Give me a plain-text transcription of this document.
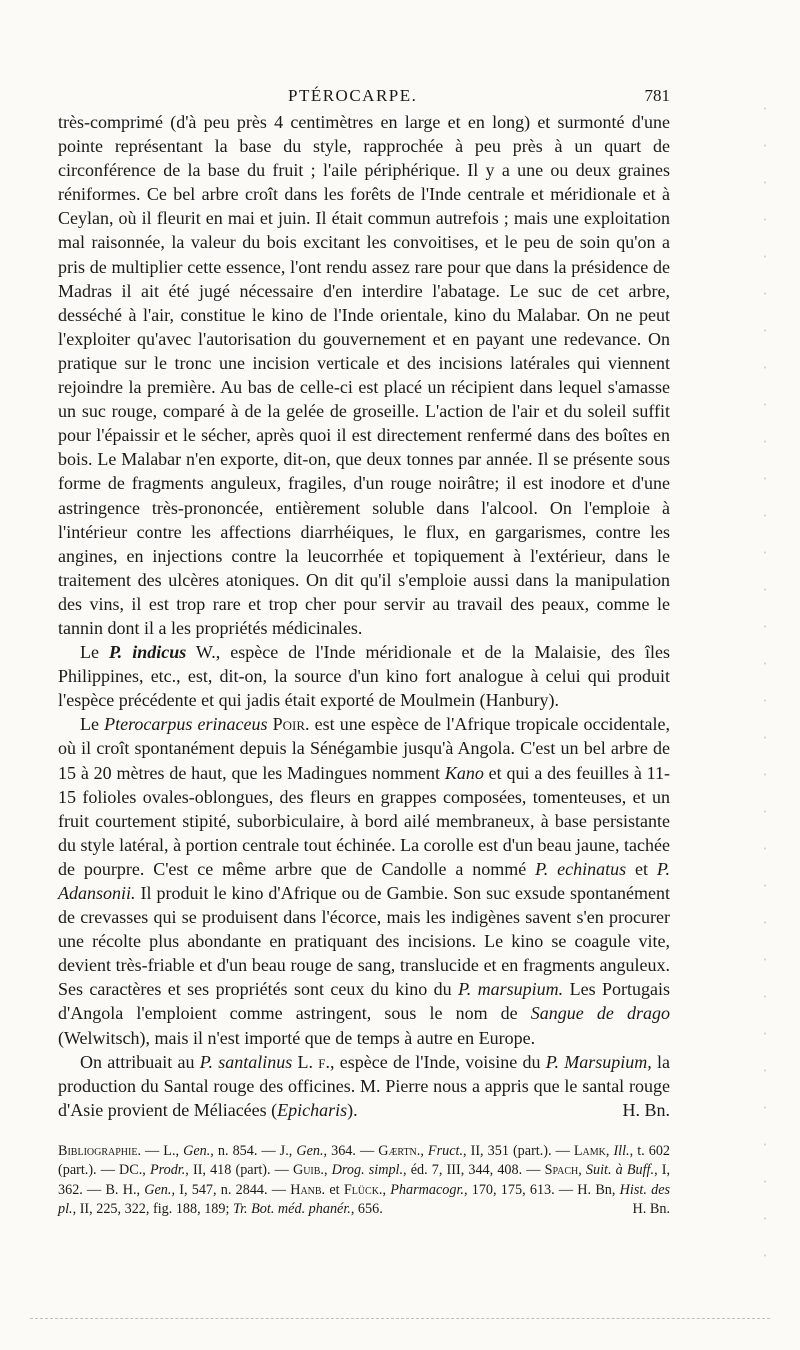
PTÉROCARPE.	781

très-comprimé (d'à peu près 4 centimètres en large et en long) et surmonté d'une pointe représentant la base du style, rapprochée à peu près à un quart de circonférence de la base du fruit ; l'aile périphérique. Il y a une ou deux graines réniformes. Ce bel arbre croît dans les forêts de l'Inde centrale et méridionale et à Ceylan, où il fleurit en mai et juin. Il était commun autrefois ; mais une exploitation mal raisonnée, la valeur du bois excitant les convoitises, et le peu de soin qu'on a pris de multiplier cette essence, l'ont rendu assez rare pour que dans la présidence de Madras il ait été jugé nécessaire d'en interdire l'abatage. Le suc de cet arbre, desséché à l'air, constitue le kino de l'Inde orientale, kino du Malabar. On ne peut l'exploiter qu'avec l'autorisation du gouvernement et en payant une redevance. On pratique sur le tronc une incision verticale et des incisions latérales qui viennent rejoindre la première. Au bas de celle-ci est placé un récipient dans lequel s'amasse un suc rouge, comparé à de la gelée de groseille. L'action de l'air et du soleil suffit pour l'épaissir et le sécher, après quoi il est directement renfermé dans des boîtes en bois. Le Malabar n'en exporte, dit-on, que deux tonnes par année. Il se présente sous forme de fragments anguleux, fragiles, d'un rouge noirâtre; il est inodore et d'une astringence très-prononcée, entièrement soluble dans l'alcool. On l'emploie à l'intérieur contre les affections diarrhéiques, le flux, en gargarismes, contre les angines, en injections contre la leucorrhée et topiquement à l'extérieur, dans le traitement des ulcères atoniques. On dit qu'il s'emploie aussi dans la manipulation des vins, il est trop rare et trop cher pour servir au travail des peaux, comme le tannin dont il a les propriétés médicinales.

Le P. indicus W., espèce de l'Inde méridionale et de la Malaisie, des îles Philippines, etc., est, dit-on, la source d'un kino fort analogue à celui qui produit l'espèce précédente et qui jadis était exporté de Moulmein (Hanbury).

Le Pterocarpus erinaceus Poir. est une espèce de l'Afrique tropicale occidentale, où il croît spontanément depuis la Sénégambie jusqu'à Angola. C'est un bel arbre de 15 à 20 mètres de haut, que les Madingues nomment Kano et qui a des feuilles à 11-15 folioles ovales-oblongues, des fleurs en grappes composées, tomenteuses, et un fruit courtement stipité, suborbiculaire, à bord ailé membraneux, à base persistante du style latéral, à portion centrale tout échinée. La corolle est d'un beau jaune, tachée de pourpre. C'est ce même arbre que de Candolle a nommé P. echinatus et P. Adansonii. Il produit le kino d'Afrique ou de Gambie. Son suc exsude spontanément de crevasses qui se produisent dans l'écorce, mais les indigènes savent s'en procurer une récolte plus abondante en pratiquant des incisions. Le kino se coagule vite, devient très-friable et d'un beau rouge de sang, translucide et en fragments anguleux. Ses caractères et ses propriétés sont ceux du kino du P. marsupium. Les Portugais d'Angola l'emploient comme astringent, sous le nom de Sangue de drago (Welwitsch), mais il n'est importé que de temps à autre en Europe.

On attribuait au P. santalinus L. f., espèce de l'Inde, voisine du P. Marsupium, la production du Santal rouge des officines. M. Pierre nous a appris que le santal rouge d'Asie provient de Méliacées (Epicharis).	H. Bn.

Bibliographie. — L., Gen., n. 854. — J., Gen., 364. — Gærtn., Fruct., II, 351 (part.). — Lamk, Ill., t. 602 (part.). — DC., Prodr., II, 418 (part). — Guib., Drog. simpl., éd. 7, III, 344, 408. — Spach, Suit. à Buff., I, 362. — B. H., Gen., I, 547, n. 2844. — Hanb. et Flück., Pharmacogr., 170, 175, 613. — H. Bn, Hist. des pl., II, 225, 322, fig. 188, 189; Tr. Bot. méd. phanér., 656.	H. Bn.
